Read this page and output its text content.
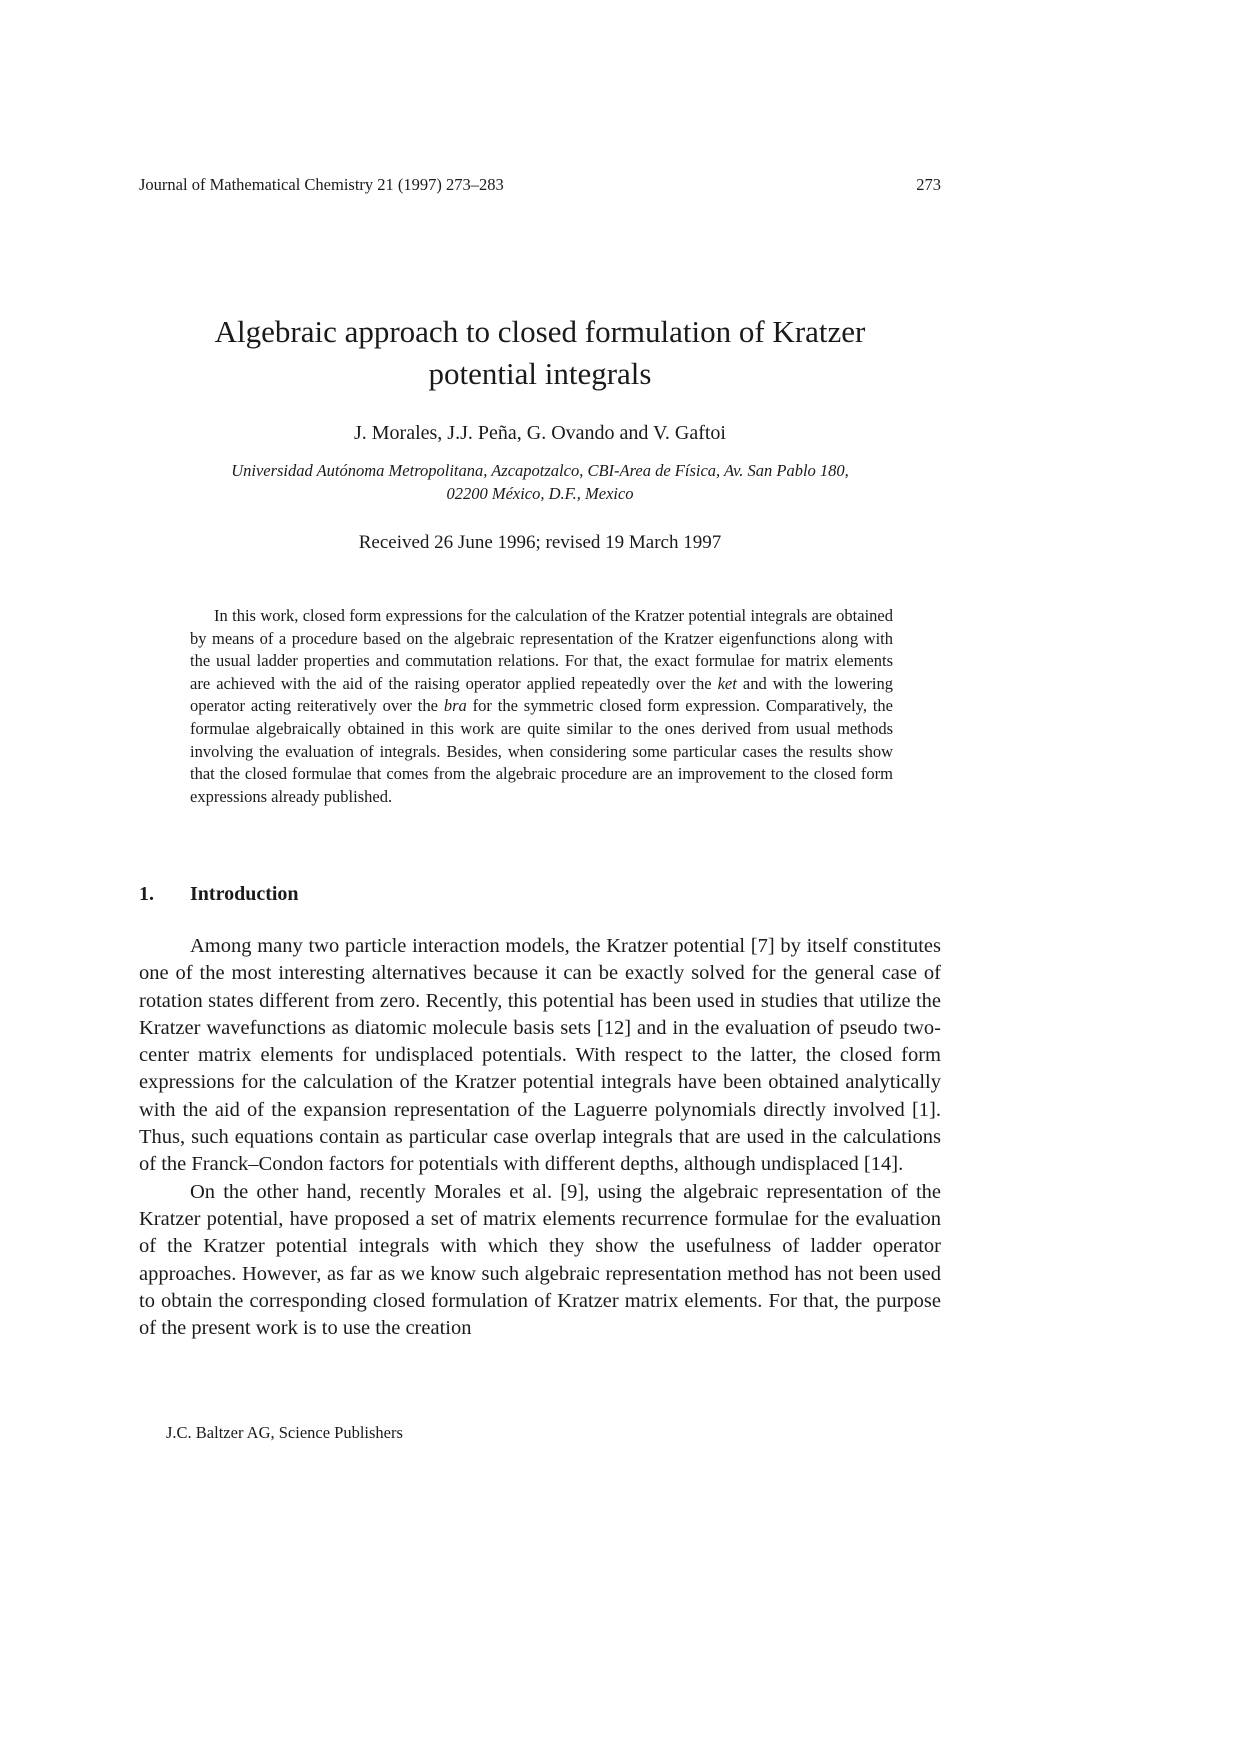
Journal of Mathematical Chemistry 21 (1997) 273–283	273
Algebraic approach to closed formulation of Kratzer
potential integrals
J. Morales, J.J. Peña, G. Ovando and V. Gaftoi
Universidad Autónoma Metropolitana, Azcapotzalco, CBI-Area de Física, Av. San Pablo 180,
02200 México, D.F., Mexico
Received 26 June 1996; revised 19 March 1997

In this work, closed form expressions for the calculation of the Kratzer potential integrals are obtained by means of a procedure based on the algebraic representation of the Kratzer eigenfunctions along with the usual ladder properties and commutation relations. For that, the exact formulae for matrix elements are achieved with the aid of the raising operator applied repeatedly over the ket and with the lowering operator acting reiteratively over the bra for the symmetric closed form expression. Comparatively, the formulae algebraically obtained in this work are quite similar to the ones derived from usual methods involving the evaluation of integrals. Besides, when considering some particular cases the results show that the closed formulae that comes from the algebraic procedure are an improvement to the closed form expressions already published.

1. Introduction

Among many two particle interaction models, the Kratzer potential [7] by itself constitutes one of the most interesting alternatives because it can be exactly solved for the general case of rotation states different from zero. Recently, this potential has been used in studies that utilize the Kratzer wavefunctions as diatomic molecule basis sets [12] and in the evaluation of pseudo two-center matrix elements for undisplaced potentials. With respect to the latter, the closed form expressions for the calculation of the Kratzer potential integrals have been obtained analytically with the aid of the expansion representation of the Laguerre polynomials directly involved [1]. Thus, such equations contain as particular case overlap integrals that are used in the calculations of the Franck–Condon factors for potentials with different depths, although undisplaced [14].

On the other hand, recently Morales et al. [9], using the algebraic representation of the Kratzer potential, have proposed a set of matrix elements recurrence formulae for the evaluation of the Kratzer potential integrals with which they show the usefulness of ladder operator approaches. However, as far as we know such algebraic representation method has not been used to obtain the corresponding closed formulation of Kratzer matrix elements. For that, the purpose of the present work is to use the creation

J.C. Baltzer AG, Science Publishers
